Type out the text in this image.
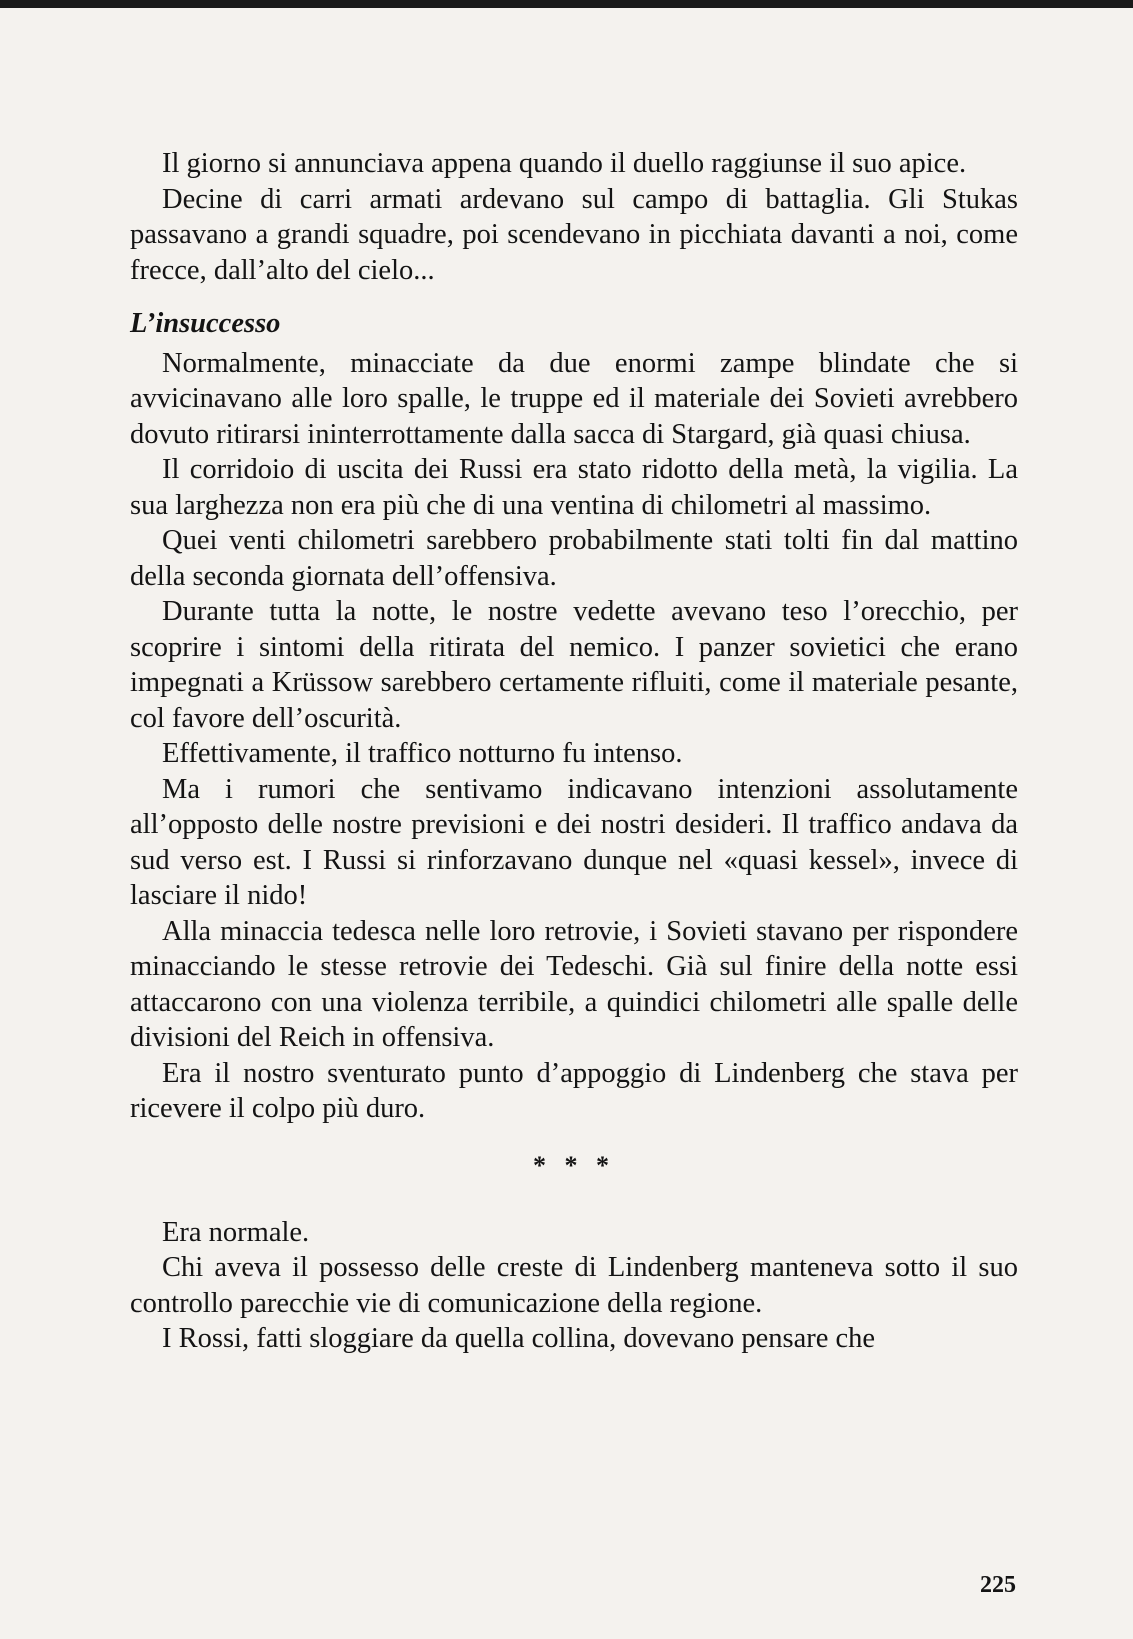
Il giorno si annunciava appena quando il duello raggiunse il suo apice.

Decine di carri armati ardevano sul campo di battaglia. Gli Stukas passavano a grandi squadre, poi scendevano in picchiata davanti a noi, come frecce, dall’alto del cielo...

L’insuccesso

Normalmente, minacciate da due enormi zampe blindate che si avvicinavano alle loro spalle, le truppe ed il materiale dei Sovieti avrebbero dovuto ritirarsi ininterrottamente dalla sacca di Stargard, già quasi chiusa.

Il corridoio di uscita dei Russi era stato ridotto della metà, la vigilia. La sua larghezza non era più che di una ventina di chilometri al massimo.

Quei venti chilometri sarebbero probabilmente stati tolti fin dal mattino della seconda giornata dell’offensiva.

Durante tutta la notte, le nostre vedette avevano teso l’orecchio, per scoprire i sintomi della ritirata del nemico. I panzer sovietici che erano impegnati a Krüssow sarebbero certamente rifluiti, come il materiale pesante, col favore dell’oscurità.

Effettivamente, il traffico notturno fu intenso.

Ma i rumori che sentivamo indicavano intenzioni assolutamente all’opposto delle nostre previsioni e dei nostri desideri. Il traffico andava da sud verso est. I Russi si rinforzavano dunque nel «quasi kessel», invece di lasciare il nido!

Alla minaccia tedesca nelle loro retrovie, i Sovieti stavano per rispondere minacciando le stesse retrovie dei Tedeschi. Già sul finire della notte essi attaccarono con una violenza terribile, a quindici chilometri alle spalle delle divisioni del Reich in offensiva.

Era il nostro sventurato punto d’appoggio di Lindenberg che stava per ricevere il colpo più duro.

* * *

Era normale.

Chi aveva il possesso delle creste di Lindenberg manteneva sotto il suo controllo parecchie vie di comunicazione della regione.

I Rossi, fatti sloggiare da quella collina, dovevano pensare che

225
